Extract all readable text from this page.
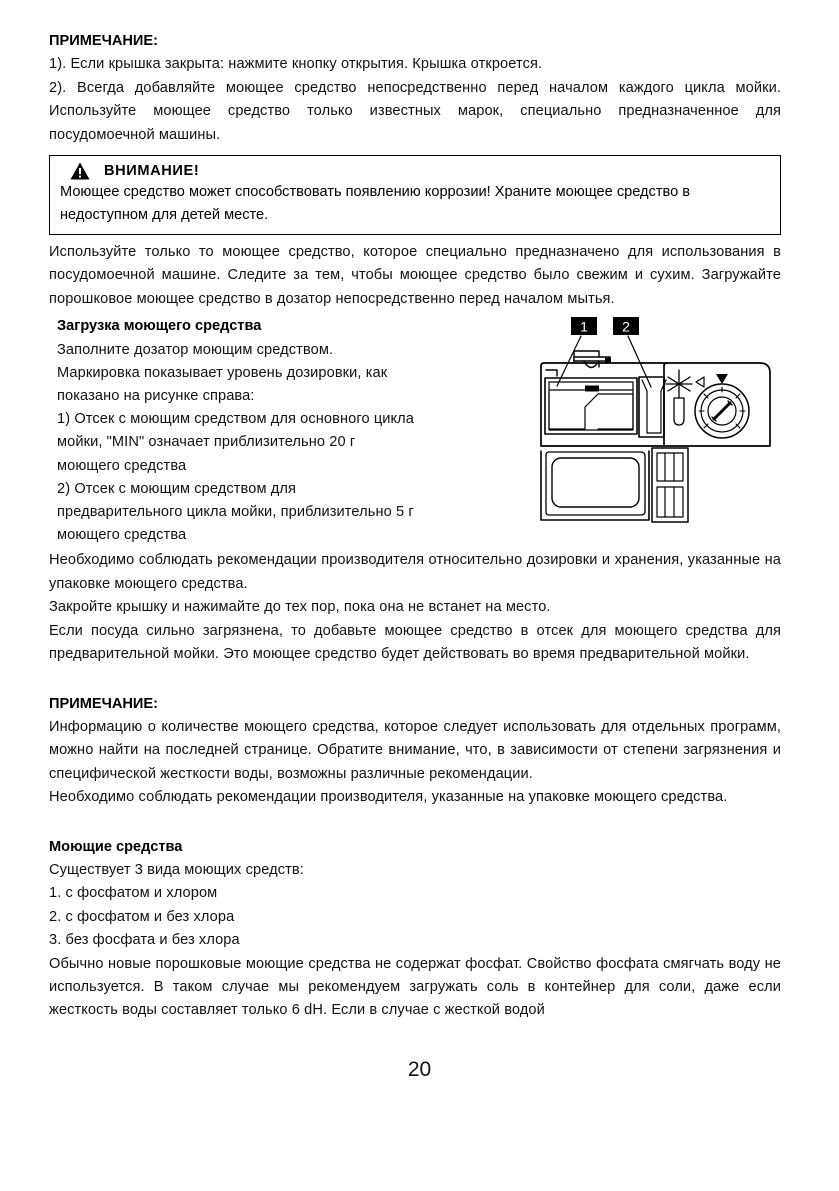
ПРИМЕЧАНИЕ:

1). Если крышка закрыта: нажмите кнопку открытия. Крышка откроется.

2). Всегда добавляйте моющее средство непосредственно перед началом каждого цикла мойки. Используйте моющее средство только известных марок, специально предназначенное для посудомоечной машины.

ВНИМАНИЕ!
Моющее средство может способствовать появлению коррозии! Храните моющее средство в недоступном для детей месте.

Используйте только то моющее средство, которое специально предназначено для использования в посудомоечной машине. Следите за тем, чтобы моющее средство было свежим и сухим. Загружайте порошковое моющее средство в дозатор непосредственно перед началом мытья.

Загрузка моющего средства

Заполните дозатор моющим средством.

Маркировка показывает уровень дозировки, как

показано на рисунке справа:

1) Отсек с моющим средством для основного цикла

мойки, "MIN" означает приблизительно 20 г

моющего средства

2) Отсек с моющим средством для

предварительного цикла мойки, приблизительно 5 г

моющего средства

1 2

Необходимо соблюдать рекомендации производителя относительно дозировки и хранения, указанные на упаковке моющего средства.

Закройте крышку и нажимайте до тех пор, пока она не встанет на место.

Если посуда сильно загрязнена, то добавьте моющее средство в отсек для моющего средства для предварительной мойки. Это моющее средство будет действовать во время предварительной мойки.

ПРИМЕЧАНИЕ:

Информацию о количестве моющего средства, которое следует использовать для отдельных программ, можно найти на последней странице. Обратите внимание, что, в зависимости от степени загрязнения и специфической жесткости воды, возможны различные рекомендации.

Необходимо соблюдать рекомендации производителя, указанные на упаковке моющего средства.

Моющие средства

Существует 3 вида моющих средств:

1. с фосфатом и хлором

2. с фосфатом и без хлора

3. без фосфата и без хлора

Обычно новые порошковые моющие средства не содержат фосфат. Свойство фосфата смягчать воду не используется. В таком случае мы рекомендуем загружать соль в контейнер для соли, даже если жесткость воды составляет только 6 dH. Если в случае с жесткой водой

20
